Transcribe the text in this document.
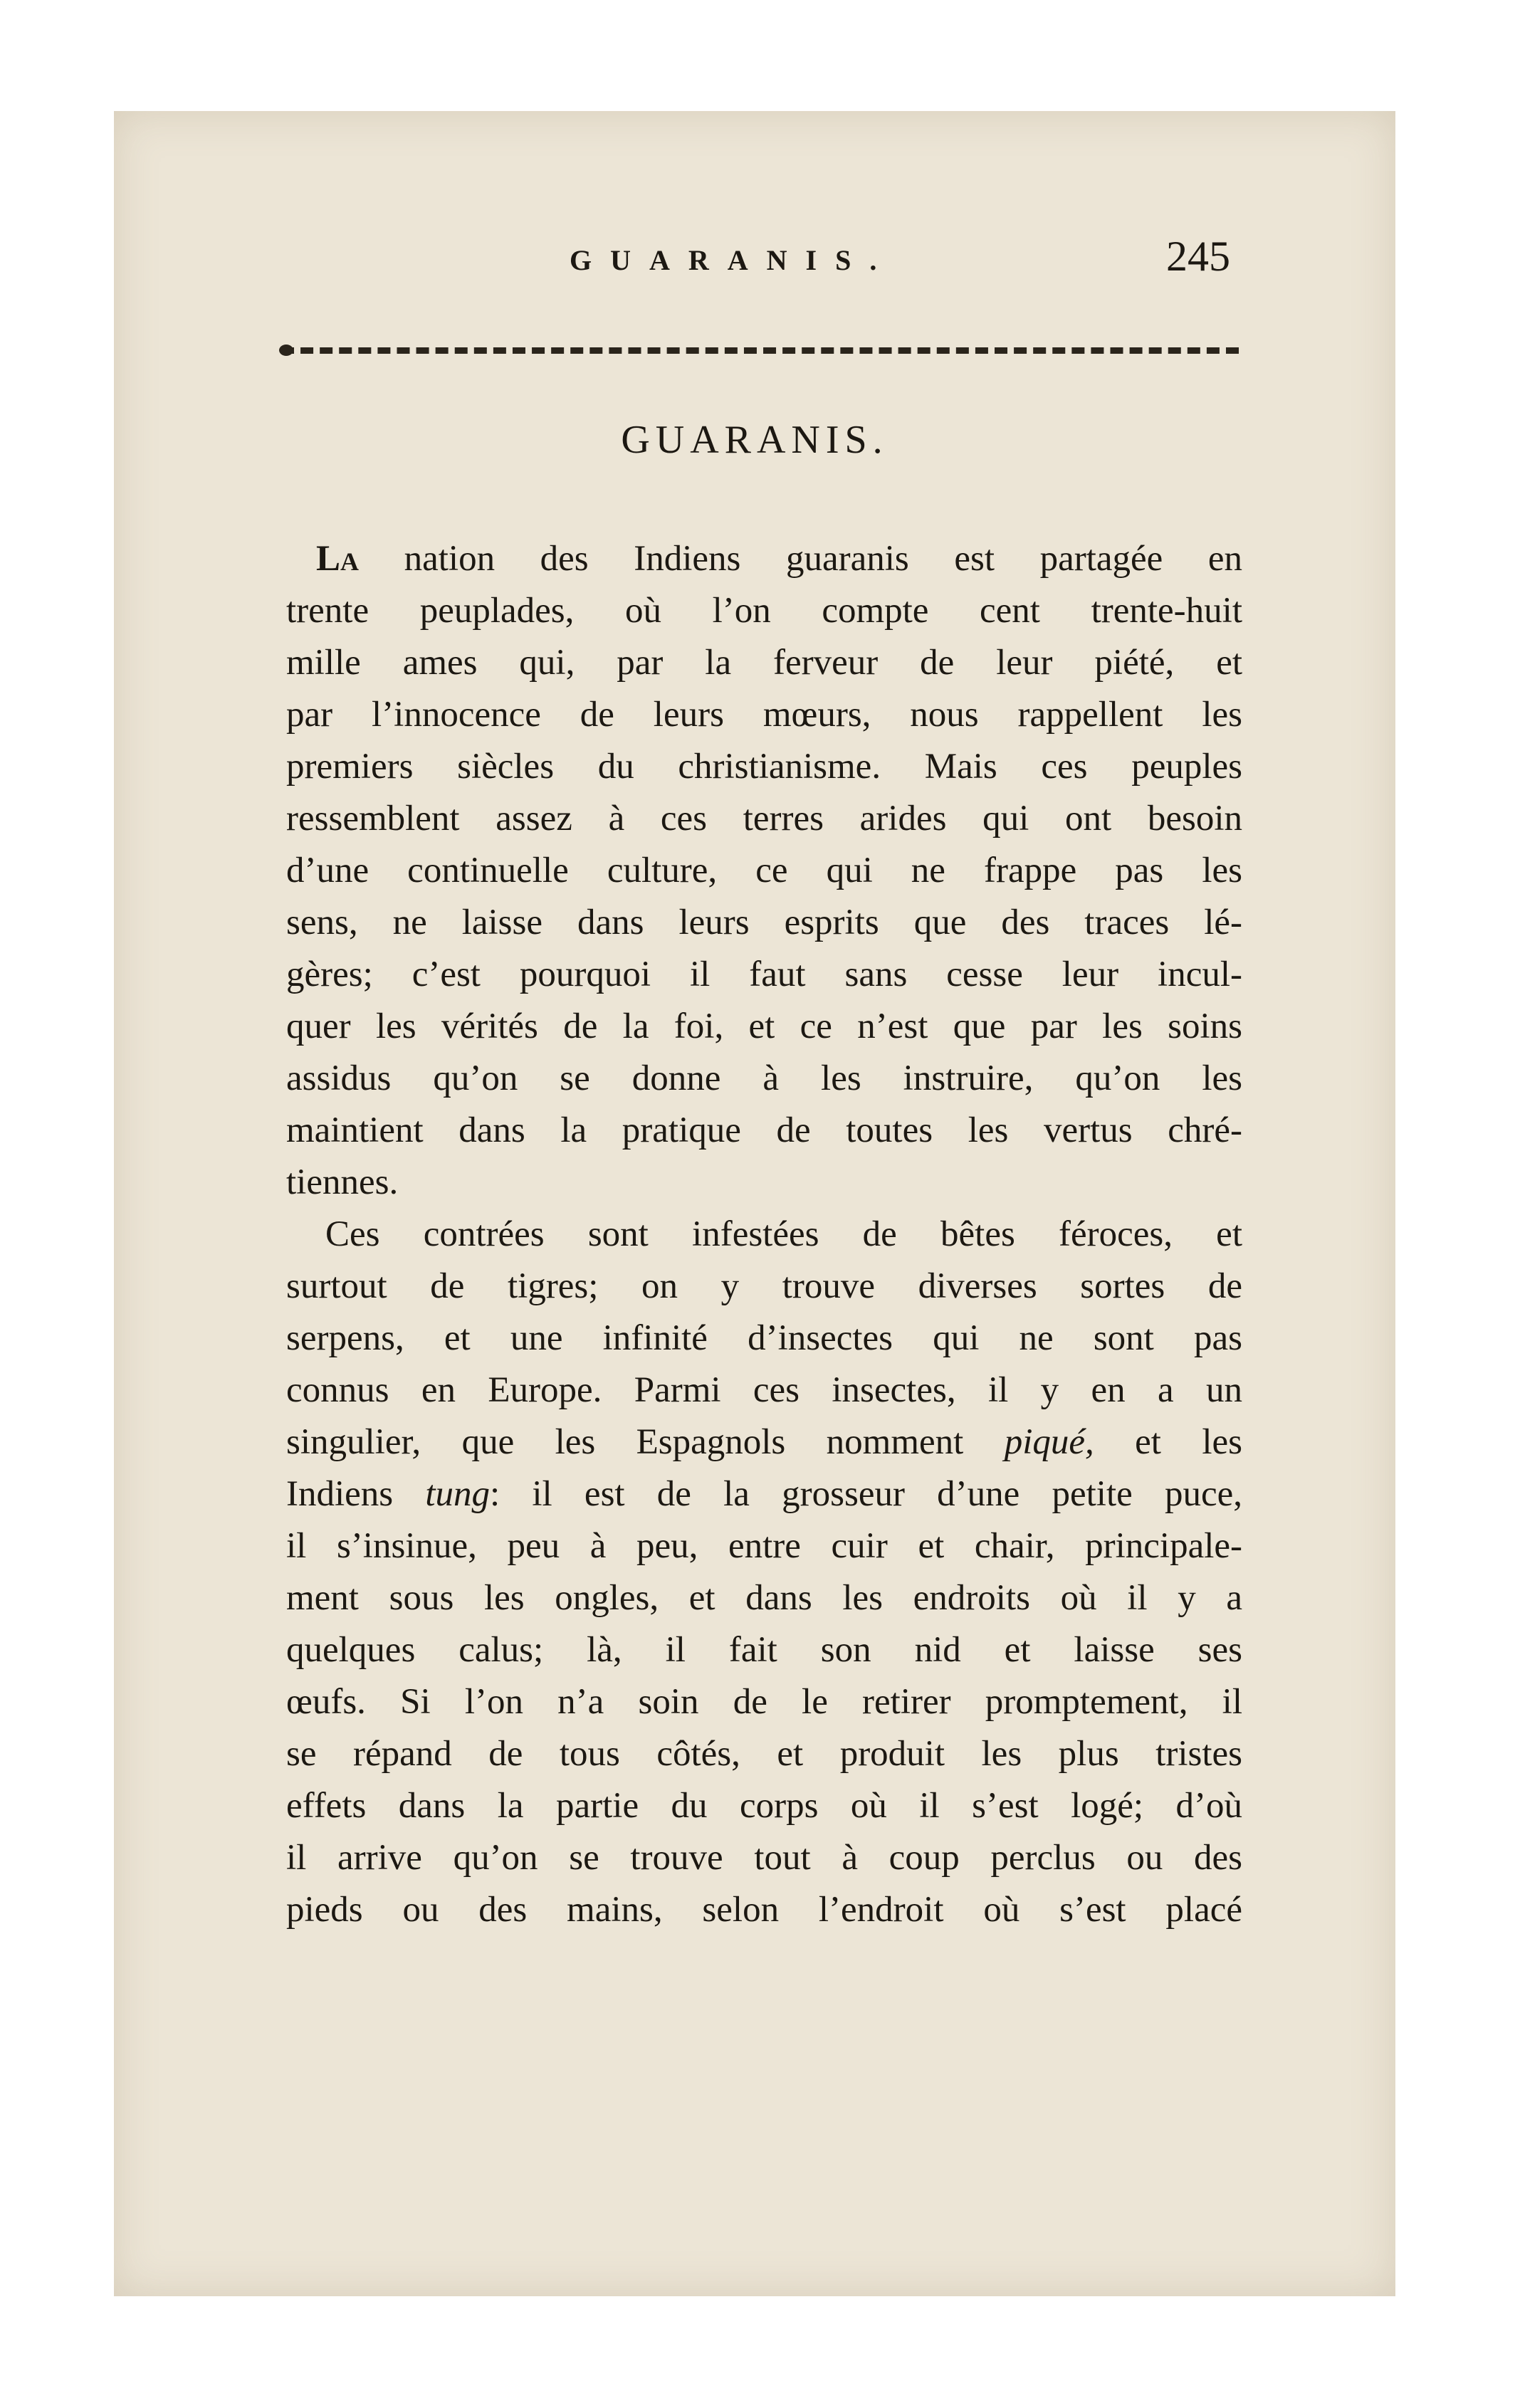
GUARANIS.	245
GUARANIS.
La nation des Indiens guaranis est partagée en
trente peuplades, où l’on compte cent trente-huit
mille ames qui, par la ferveur de leur piété, et
par l’innocence de leurs mœurs, nous rappellent les
premiers siècles du christianisme. Mais ces peuples
ressemblent assez à ces terres arides qui ont besoin
d’une continuelle culture, ce qui ne frappe pas les
sens, ne laisse dans leurs esprits que des traces lé-
gères; c’est pourquoi il faut sans cesse leur incul-
quer les vérités de la foi, et ce n’est que par les soins
assidus qu’on se donne à les instruire, qu’on les
maintient dans la pratique de toutes les vertus chré-
tiennes.
Ces contrées sont infestées de bêtes féroces, et
surtout de tigres; on y trouve diverses sortes de
serpens, et une infinité d’insectes qui ne sont pas
connus en Europe. Parmi ces insectes, il y en a un
singulier, que les Espagnols nomment piqué, et les
Indiens tung: il est de la grosseur d’une petite puce,
il s’insinue, peu à peu, entre cuir et chair, principale-
ment sous les ongles, et dans les endroits où il y a
quelques calus; là, il fait son nid et laisse ses
œufs. Si l’on n’a soin de le retirer promptement, il
se répand de tous côtés, et produit les plus tristes
effets dans la partie du corps où il s’est logé; d’où
il arrive qu’on se trouve tout à coup perclus ou des
pieds ou des mains, selon l’endroit où s’est placé
